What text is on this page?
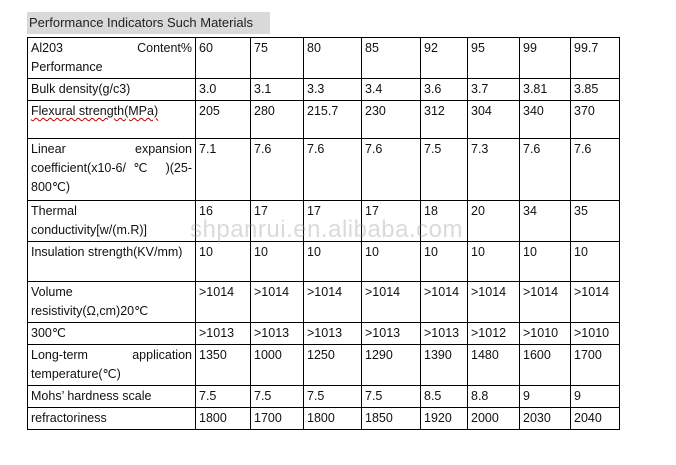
Performance Indicators Such Materials
Al203 Content%
Performance	60	75	80	85	92	95	99	99.7
Bulk density(g/c3)	3.0	3.1	3.3	3.4	3.6	3.7	3.81	3.85
Flexural strength(MPa)	205	280	215.7	230	312	304	340	370
Linear expansion coefficient(x10-6/℃ )(25-800℃)	7.1	7.6	7.6	7.6	7.5	7.3	7.6	7.6
Thermal conductivity[w/(m.R)]	16	17	17	17	18	20	34	35
Insulation strength(KV/mm)	10	10	10	10	10	10	10	10
Volume resistivity(Ω,cm)20℃	>1014	>1014	>1014	>1014	>1014	>1014	>1014	>1014
300℃	>1013	>1013	>1013	>1013	>1013	>1012	>1010	>1010
Long-term application temperature(℃)	1350	1000	1250	1290	1390	1480	1600	1700
Mohs’ hardness scale	7.5	7.5	7.5	7.5	8.5	8.8	9	9
refractoriness	1800	1700	1800	1850	1920	2000	2030	2040
shpanrui.en.alibaba.com
